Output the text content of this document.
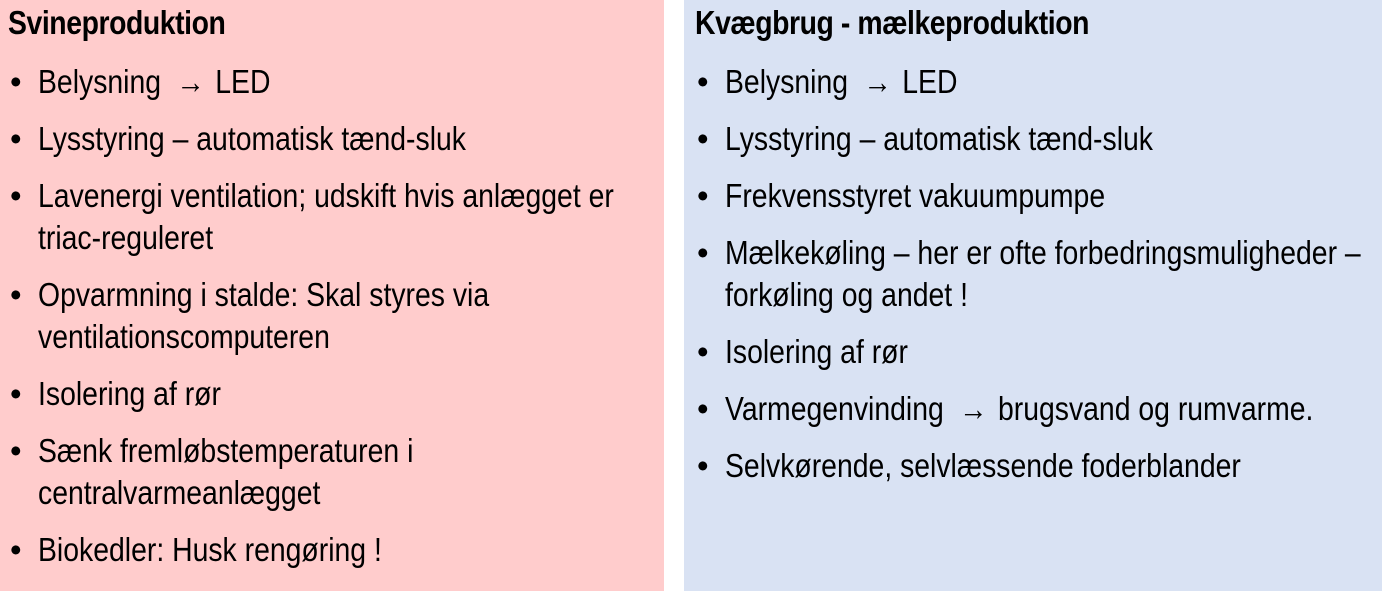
Svineproduktion
• Belysning → LED
• Lysstyring – automatisk tænd-sluk
• Lavenergi ventilation; udskift hvis anlægget er triac-reguleret
• Opvarmning i stalde: Skal styres via ventilationscomputeren
• Isolering af rør
• Sænk fremløbstemperaturen i centralvarmeanlægget
• Biokedler: Husk rengøring !
Kvægbrug - mælkeproduktion
• Belysning → LED
• Lysstyring – automatisk tænd-sluk
• Frekvensstyret vakuumpumpe
• Mælkekøling – her er ofte forbedringsmuligheder – forkøling og andet !
• Isolering af rør
• Varmegenvinding → brugsvand og rumvarme.
• Selvkørende, selvlæssende foderblander
